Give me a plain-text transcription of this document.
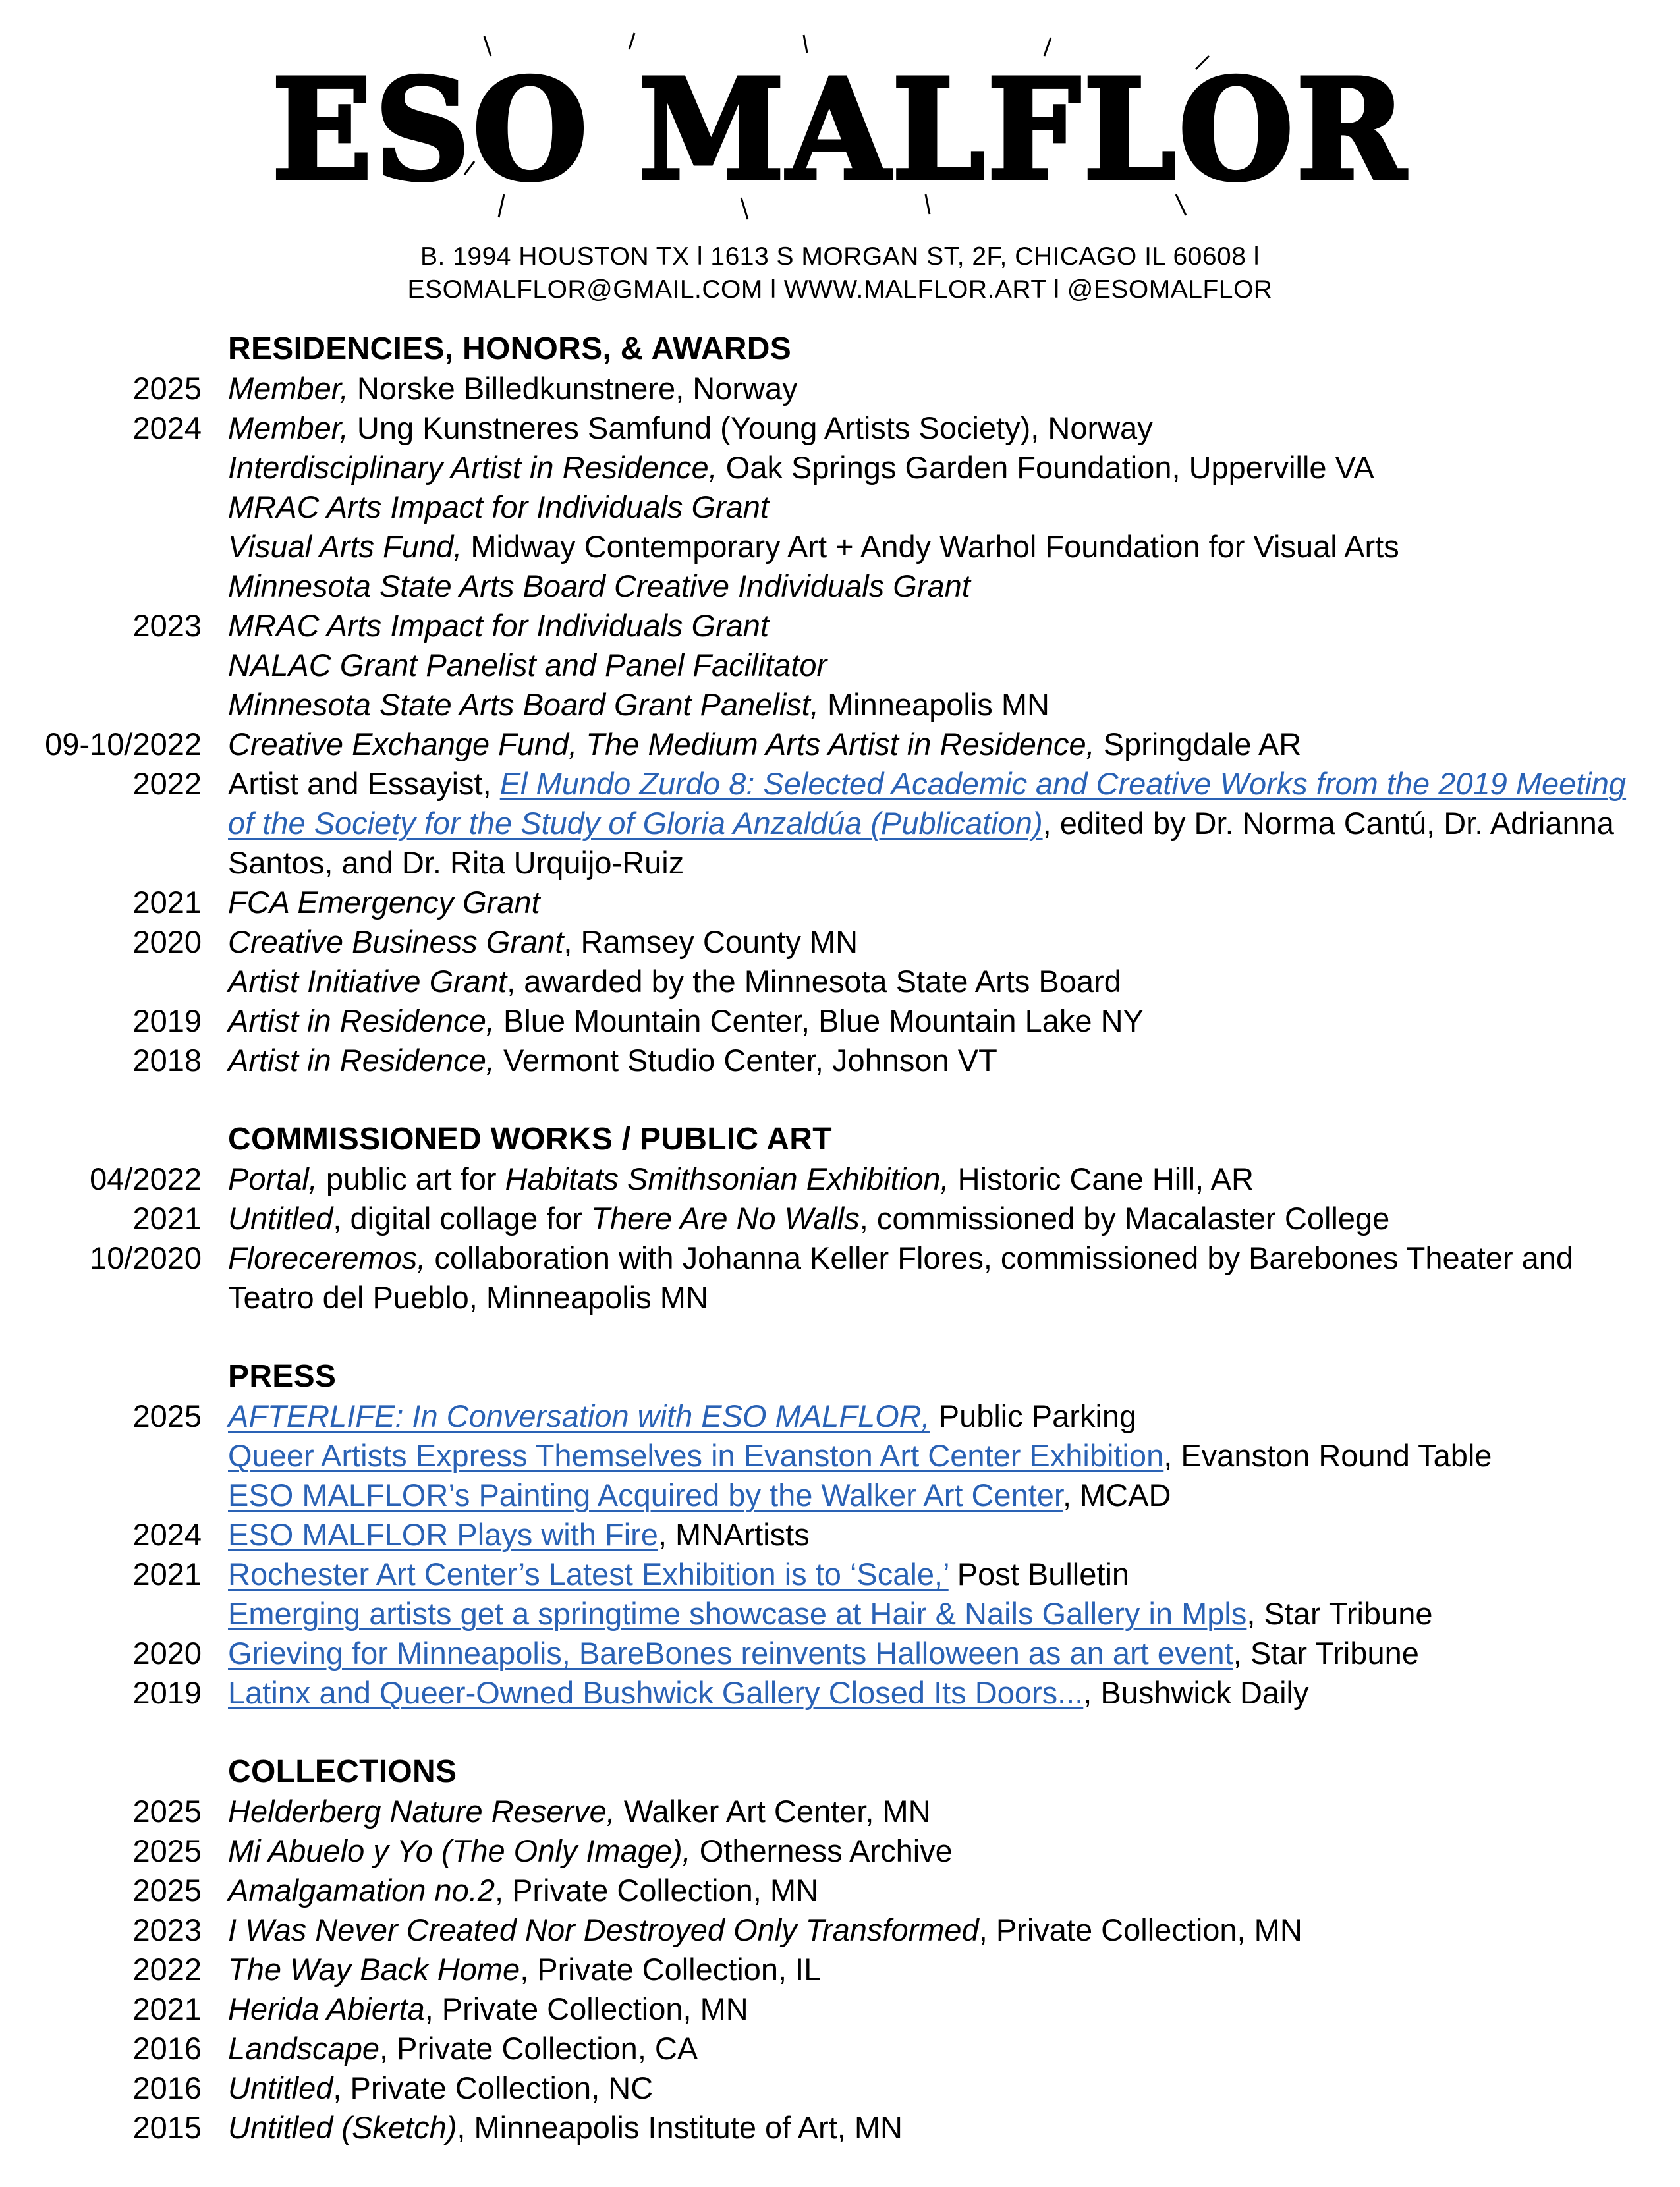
ESO MALFLOR
B. 1994 HOUSTON TX l 1613 S MORGAN ST, 2F, CHICAGO IL 60608 l
ESOMALFLOR@GMAIL.COM l WWW.MALFLOR.ART l @ESOMALFLOR
RESIDENCIES, HONORS, & AWARDS
2025 Member, Norske Billedkunstnere, Norway
2024 Member, Ung Kunstneres Samfund (Young Artists Society), Norway
Interdisciplinary Artist in Residence, Oak Springs Garden Foundation, Upperville VA
MRAC Arts Impact for Individuals Grant
Visual Arts Fund, Midway Contemporary Art + Andy Warhol Foundation for Visual Arts
Minnesota State Arts Board Creative Individuals Grant
2023 MRAC Arts Impact for Individuals Grant
NALAC Grant Panelist and Panel Facilitator
Minnesota State Arts Board Grant Panelist, Minneapolis MN
09-10/2022 Creative Exchange Fund, The Medium Arts Artist in Residence, Springdale AR
2022 Artist and Essayist, El Mundo Zurdo 8: Selected Academic and Creative Works from the 2019 Meeting of the Society for the Study of Gloria Anzaldúa (Publication), edited by Dr. Norma Cantú, Dr. Adrianna Santos, and Dr. Rita Urquijo-Ruiz
2021 FCA Emergency Grant
2020 Creative Business Grant, Ramsey County MN
Artist Initiative Grant, awarded by the Minnesota State Arts Board
2019 Artist in Residence, Blue Mountain Center, Blue Mountain Lake NY
2018 Artist in Residence, Vermont Studio Center, Johnson VT
COMMISSIONED WORKS / PUBLIC ART
04/2022 Portal, public art for Habitats Smithsonian Exhibition, Historic Cane Hill, AR
2021 Untitled, digital collage for There Are No Walls, commissioned by Macalaster College
10/2020 Floreceremos, collaboration with Johanna Keller Flores, commissioned by Barebones Theater and Teatro del Pueblo, Minneapolis MN
PRESS
2025 AFTERLIFE: In Conversation with ESO MALFLOR, Public Parking
Queer Artists Express Themselves in Evanston Art Center Exhibition, Evanston Round Table
ESO MALFLOR’s Painting Acquired by the Walker Art Center, MCAD
2024 ESO MALFLOR Plays with Fire, MNArtists
2021 Rochester Art Center’s Latest Exhibition is to ‘Scale,’ Post Bulletin
Emerging artists get a springtime showcase at Hair & Nails Gallery in Mpls, Star Tribune
2020 Grieving for Minneapolis, BareBones reinvents Halloween as an art event, Star Tribune
2019 Latinx and Queer-Owned Bushwick Gallery Closed Its Doors..., Bushwick Daily
COLLECTIONS
2025 Helderberg Nature Reserve, Walker Art Center, MN
2025 Mi Abuelo y Yo (The Only Image), Otherness Archive
2025 Amalgamation no.2, Private Collection, MN
2023 I Was Never Created Nor Destroyed Only Transformed, Private Collection, MN
2022 The Way Back Home, Private Collection, IL
2021 Herida Abierta, Private Collection, MN
2016 Landscape, Private Collection, CA
2016 Untitled, Private Collection, NC
2015 Untitled (Sketch), Minneapolis Institute of Art, MN
